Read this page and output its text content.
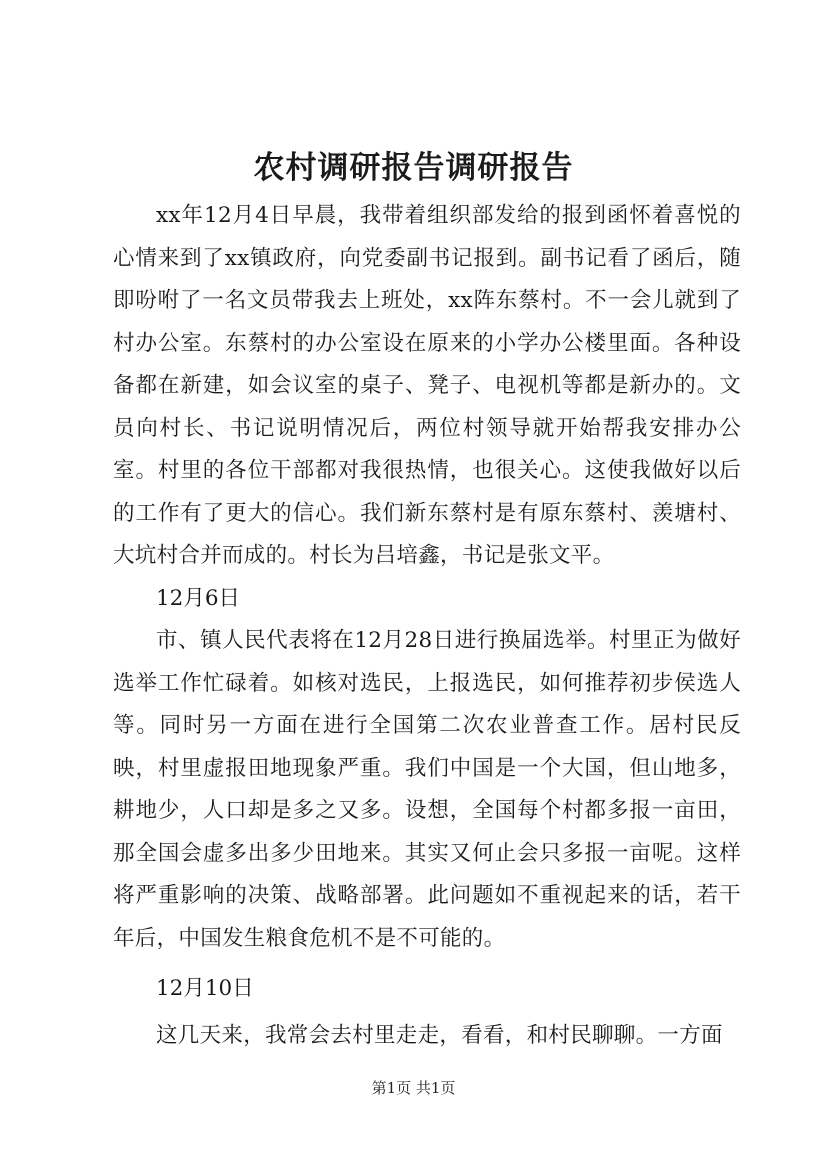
农村调研报告调研报告

xx年12月4日早晨，我带着组织部发给的报到函怀着喜悦的心情来到了xx镇政府，向党委副书记报到。副书记看了函后，随即吩咐了一名文员带我去上班处，xx阵东蔡村。不一会儿就到了村办公室。东蔡村的办公室设在原来的小学办公楼里面。各种设备都在新建，如会议室的桌子、凳子、电视机等都是新办的。文员向村长、书记说明情况后，两位村领导就开始帮我安排办公室。村里的各位干部都对我很热情，也很关心。这使我做好以后的工作有了更大的信心。我们新东蔡村是有原东蔡村、羡塘村、大坑村合并而成的。村长为吕培鑫，书记是张文平。

12月6日

市、镇人民代表将在12月28日进行换届选举。村里正为做好选举工作忙碌着。如核对选民，上报选民，如何推荐初步侯选人等。同时另一方面在进行全国第二次农业普查工作。居村民反映，村里虚报田地现象严重。我们中国是一个大国，但山地多，耕地少，人口却是多之又多。设想，全国每个村都多报一亩田，那全国会虚多出多少田地来。其实又何止会只多报一亩呢。这样将严重影响的决策、战略部署。此问题如不重视起来的话，若干年后，中国发生粮食危机不是不可能的。

12月10日

这几天来，我常会去村里走走，看看，和村民聊聊。一方面

第1页 共1页
